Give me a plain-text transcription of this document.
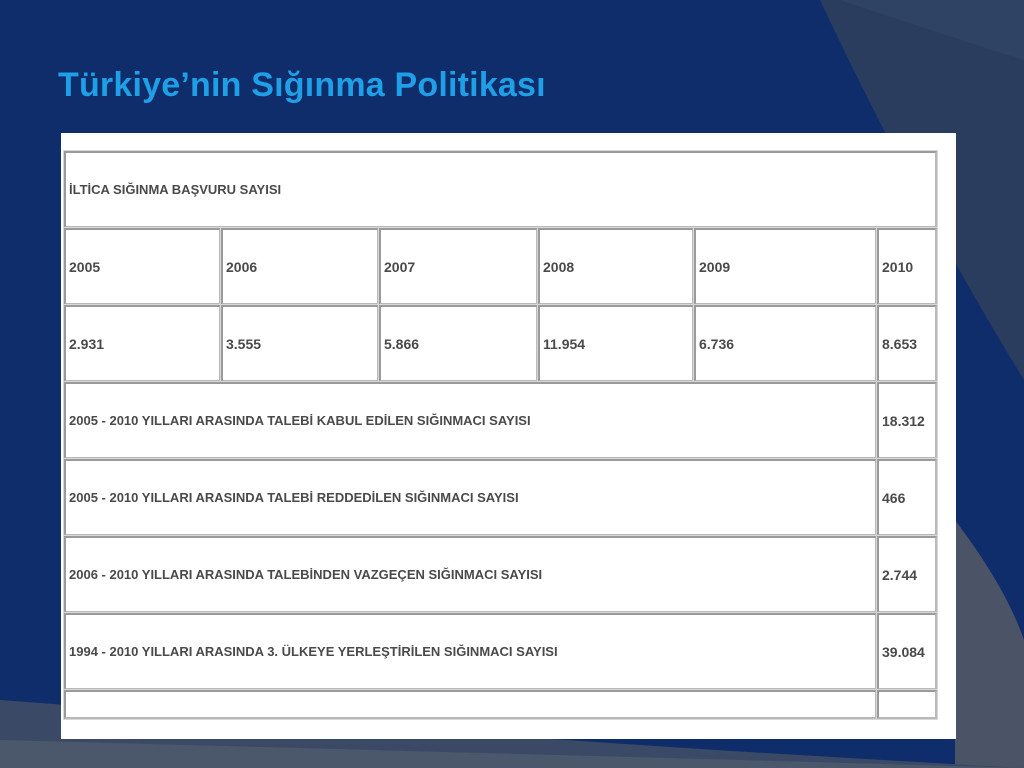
Türkiye’nin Sığınma Politikası
İLTİCA SIĞINMA BAŞVURU SAYISI
2005	2006	2007	2008	2009	2010
2.931	3.555	5.866	11.954	6.736	8.653
2005 - 2010 YILLARI ARASINDA TALEBİ KABUL EDİLEN SIĞINMACI SAYISI	18.312
2005 - 2010 YILLARI ARASINDA TALEBİ REDDEDİLEN SIĞINMACI SAYISI	466
2006 - 2010 YILLARI ARASINDA TALEBİNDEN VAZGEÇEN SIĞINMACI SAYISI	2.744
1994 - 2010 YILLARI ARASINDA 3. ÜLKEYE YERLEŞTİRİLEN SIĞINMACI SAYISI	39.084
